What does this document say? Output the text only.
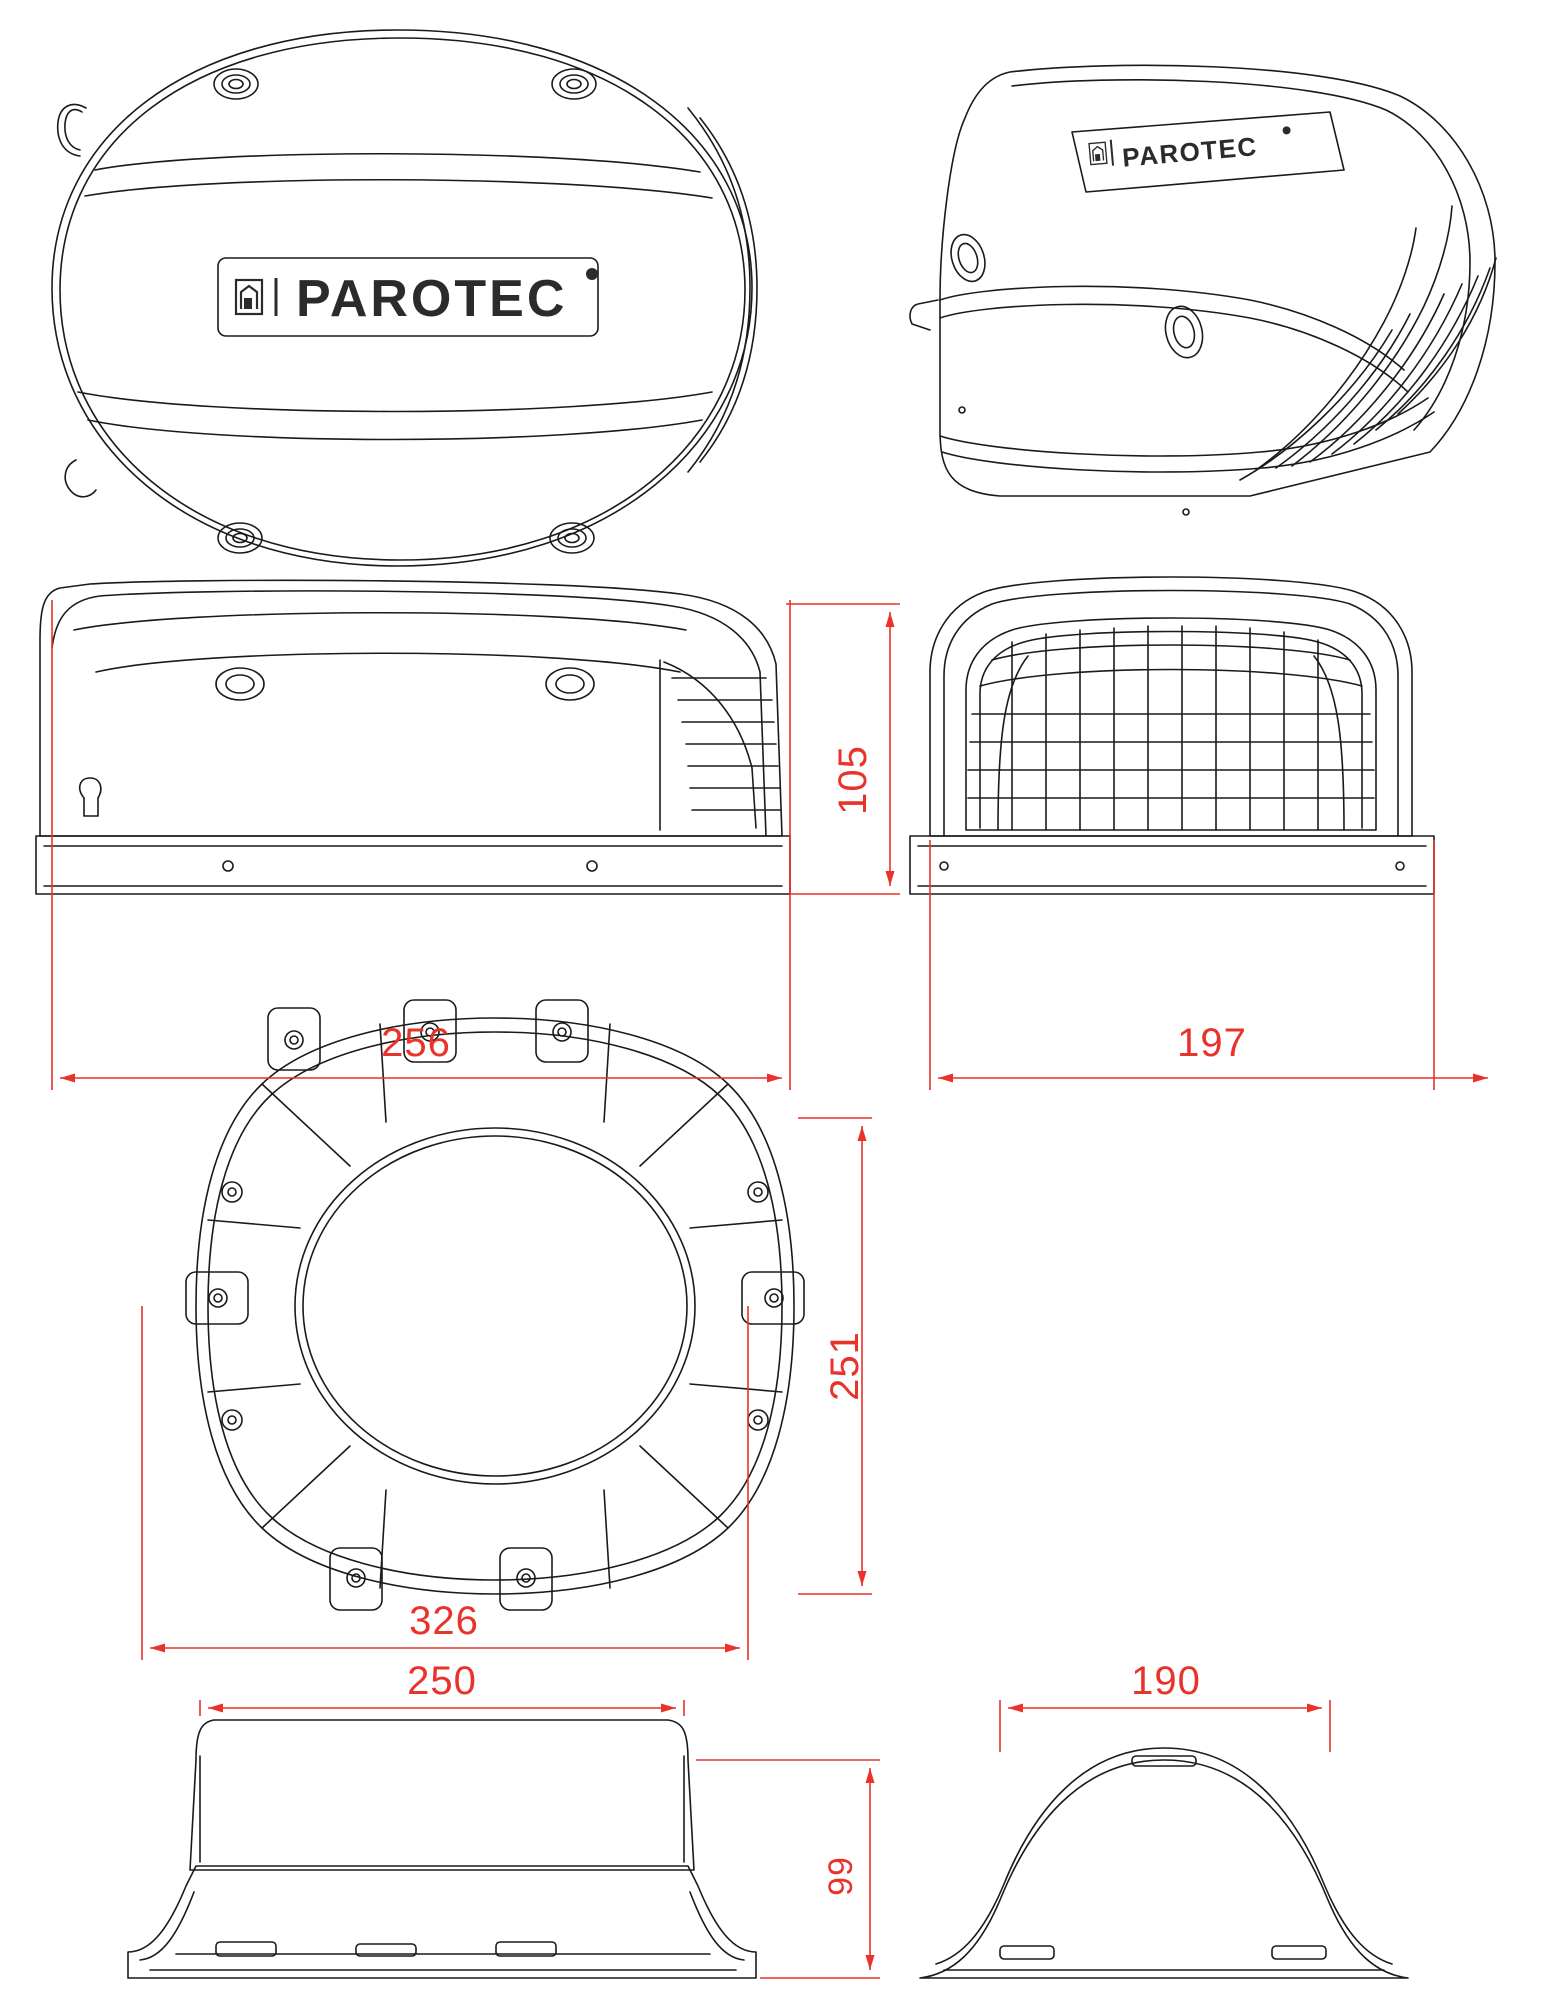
105
256	197
251
326
250
99
190
PAROTEC
PAROTEC
